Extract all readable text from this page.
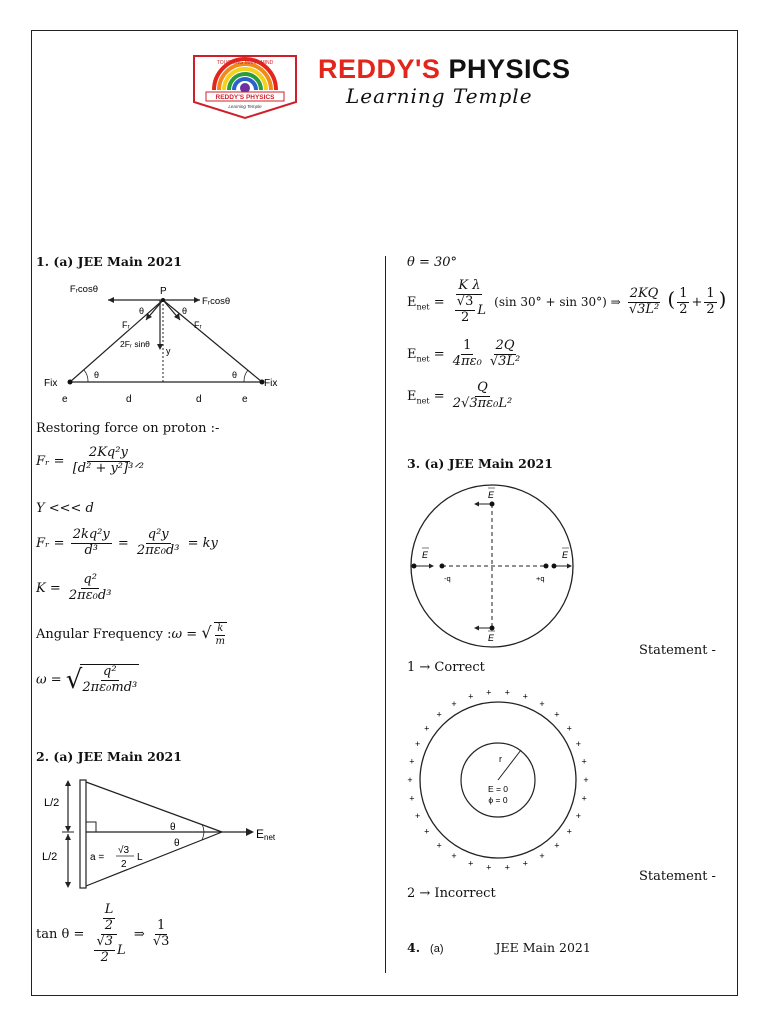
TOUCHING MANY MIND
REDDY'S PHYSICS
Learning Temple
REDDY'S PHYSICS
Learning Temple
1. (a) JEE Main 2021
P
Fᵣcosθ
Fᵣcosθ
θ	θ
Fᵣ	Fᵣ
2Fᵣ sinθ
y
θ	θ
Fix	Fix
e	d	d	e
Restoring force on proton :-
Fᵣ = $\frac{\text{2Kq²y}}{\text{[d² + y²]³ᐟ²}}$
Y <<< d
Fᵣ = $\frac{\text{2kq²y}}{\text{d³}} = \frac{\text{q²y}}{\text{2πε₀d³}}$ = ky
$K = \frac{\text{q²}}{\text{2πε₀d³}}$
Angular Frequency :ω = √ $\frac{k}{m}$
ω = √
$\frac{\text{q²}}{\text{2πε₀md³}}$
2. (a) JEE Main 2021
L/2
L/2
θ
θ
E net
a =
√3
2
L
$\tan \theta = \frac{\frac{L}{2}}{\frac{√3}{2} L}$ ⇒ $\frac{1}{√3}$
θ = 30°
$E_{net} = \frac{\text{K λ}}{\frac{√3}{2} L} (\sin$ 30° + sin 30°) ⇒ $\frac{2KQ}{\text{√3L²}}$ ( $\frac{1}{2} + \frac{1}{2}$ )
$E_{net} = \frac{1}{\text{4πε₀}} \frac{2Q}{\text{√3L²}}$
$E_{net} = \frac{Q}{\text{2√3πε₀L²}}$
3. (a) JEE Main 2021
E
E
E	E
-q	+q
Statement -
1 → Correct
r
E = 0
ϕ = 0
+
+
+
+
+
+
+
+
+
+
+
+
+
+
+
+
+
+
+
+
+
+ + + +
+
+
+
+
+
Statement -
2 → Incorrect
4. (a)	JEE Main 2021
